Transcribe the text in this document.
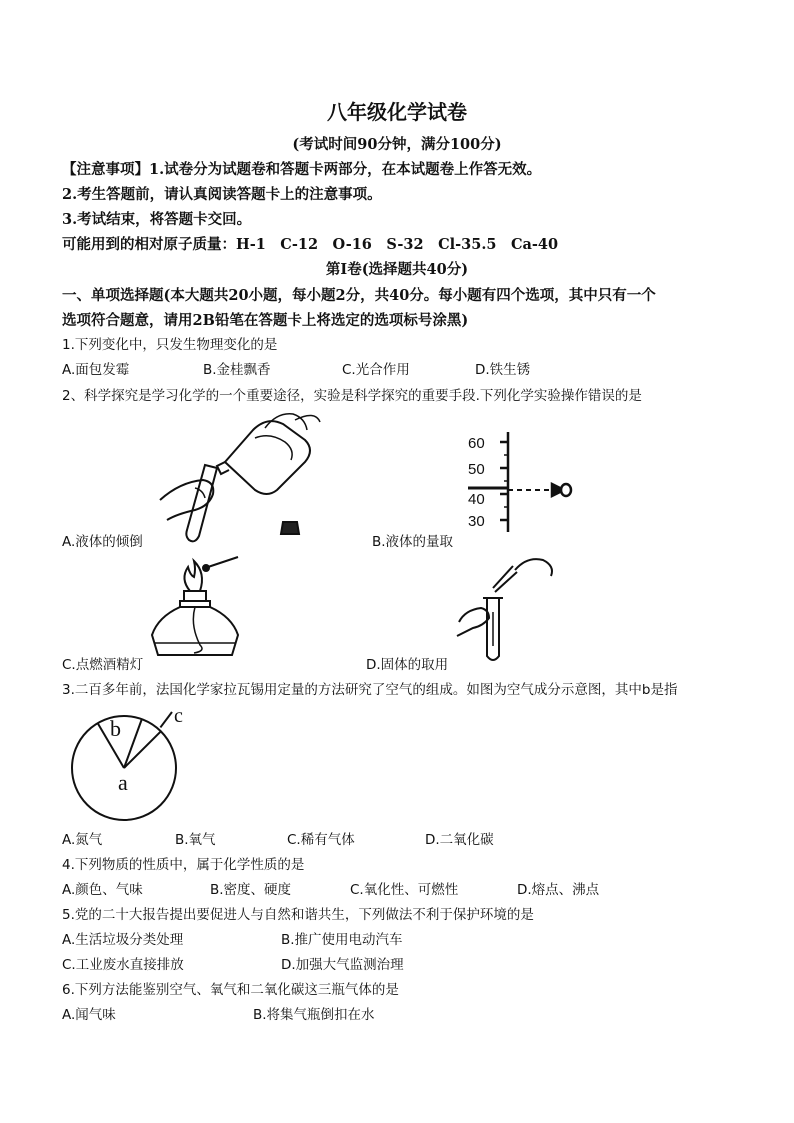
八年级化学试卷
(考试时间90分钟，满分100分)
【注意事项】1.试卷分为试题卷和答题卡两部分，在本试题卷上作答无效。
2.考生答题前，请认真阅读答题卡上的注意事项。
3.考试结束，将答题卡交回。
可能用到的相对原子质量：H-1　C-12　O-16　S-32　Cl-35.5　Ca-40
第Ⅰ卷(选择题共40分)
一、单项选择题(本大题共20小题，每小题2分，共40分。每小题有四个选项，其中只有一个
选项符合题意，请用2B铅笔在答题卡上将选定的选项标号涂黑)
1.下列变化中，只发生物理变化的是
A.面包发霉	B.金桂飘香	C.光合作用	D.铁生锈
2、科学探究是学习化学的一个重要途径，实验是科学探究的重要手段.下列化学实验操作错误的是
A.液体的倾倒
60
50
40
30
B.液体的量取
C.点燃酒精灯	D.固体的取用
3.二百多年前，法国化学家拉瓦锡用定量的方法研究了空气的组成。如图为空气成分示意图，其中b是指
a
b	c
A.氮气	B.氧气	C.稀有气体	D.二氧化碳
4.下列物质的性质中，属于化学性质的是
A.颜色、气味	B.密度、硬度	C.氧化性、可燃性	D.熔点、沸点
5.党的二十大报告提出要促进人与自然和谐共生，下列做法不利于保护环境的是
A.生活垃圾分类处理	B.推广使用电动汽车
C.工业废水直接排放	D.加强大气监测治理
6.下列方法能鉴别空气、氧气和二氧化碳这三瓶气体的是
A.闻气味	B.将集气瓶倒扣在水
